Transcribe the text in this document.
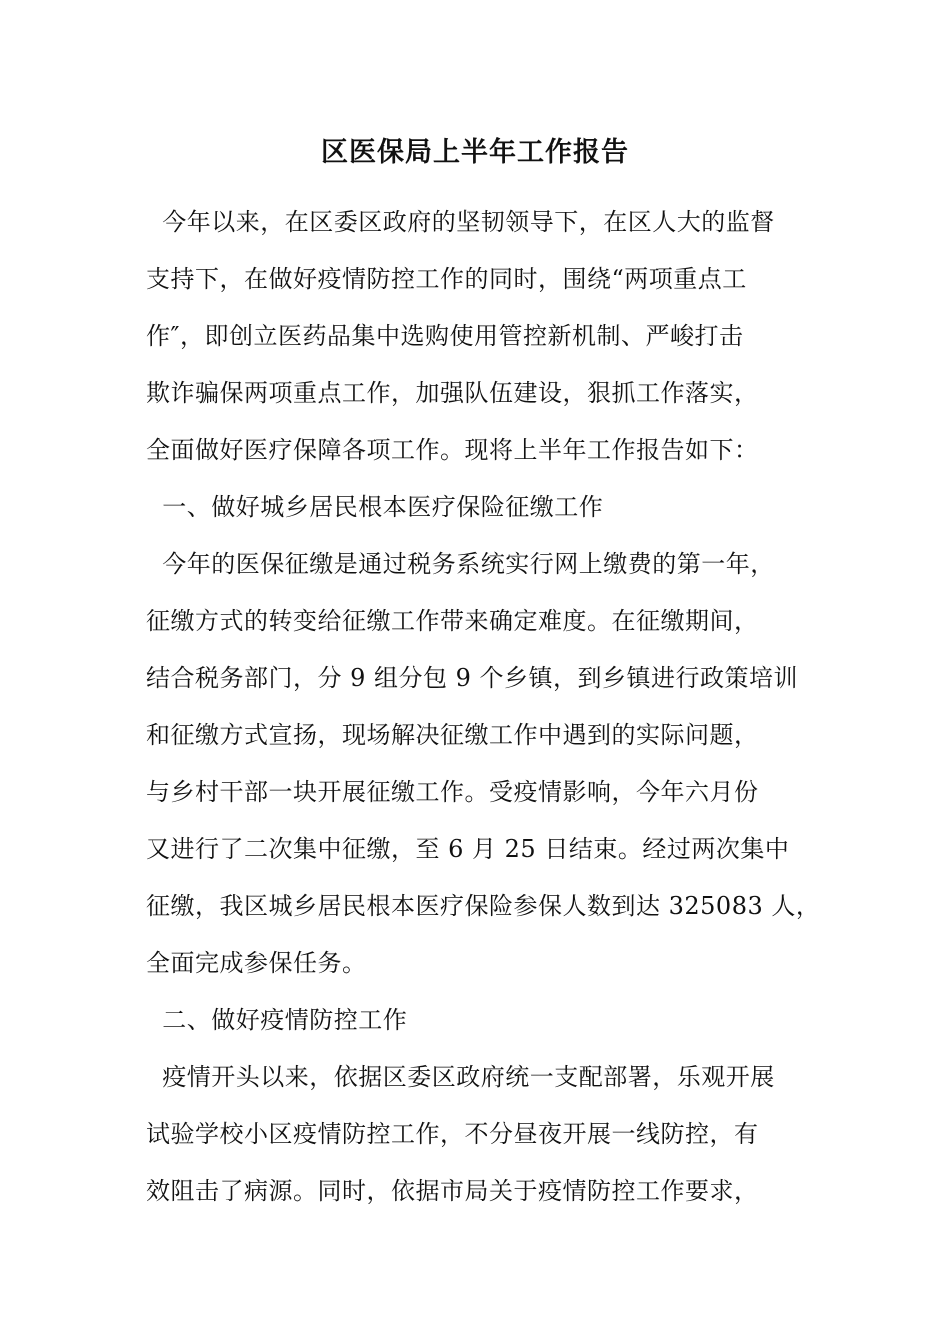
区医保局上半年工作报告
今年以来，在区委区政府的坚韧领导下，在区人大的监督
支持下，在做好疫情防控工作的同时，围绕“两项重点工
作″，即创立医药品集中选购使用管控新机制、严峻打击
欺诈骗保两项重点工作，加强队伍建设，狠抓工作落实，
全面做好医疗保障各项工作。现将上半年工作报告如下：
一、做好城乡居民根本医疗保险征缴工作
今年的医保征缴是通过税务系统实行网上缴费的第一年，
征缴方式的转变给征缴工作带来确定难度。在征缴期间，
结合税务部门，分 9 组分包 9 个乡镇，到乡镇进行政策培训
和征缴方式宣扬，现场解决征缴工作中遇到的实际问题，
与乡村干部一块开展征缴工作。受疫情影响，今年六月份
又进行了二次集中征缴，至 6 月 25 日结束。经过两次集中
征缴，我区城乡居民根本医疗保险参保人数到达 325083 人，
全面完成参保任务。
二、做好疫情防控工作
疫情开头以来，依据区委区政府统一支配部署，乐观开展
试验学校小区疫情防控工作，不分昼夜开展一线防控，有
效阻击了病源。同时，依据市局关于疫情防控工作要求，
